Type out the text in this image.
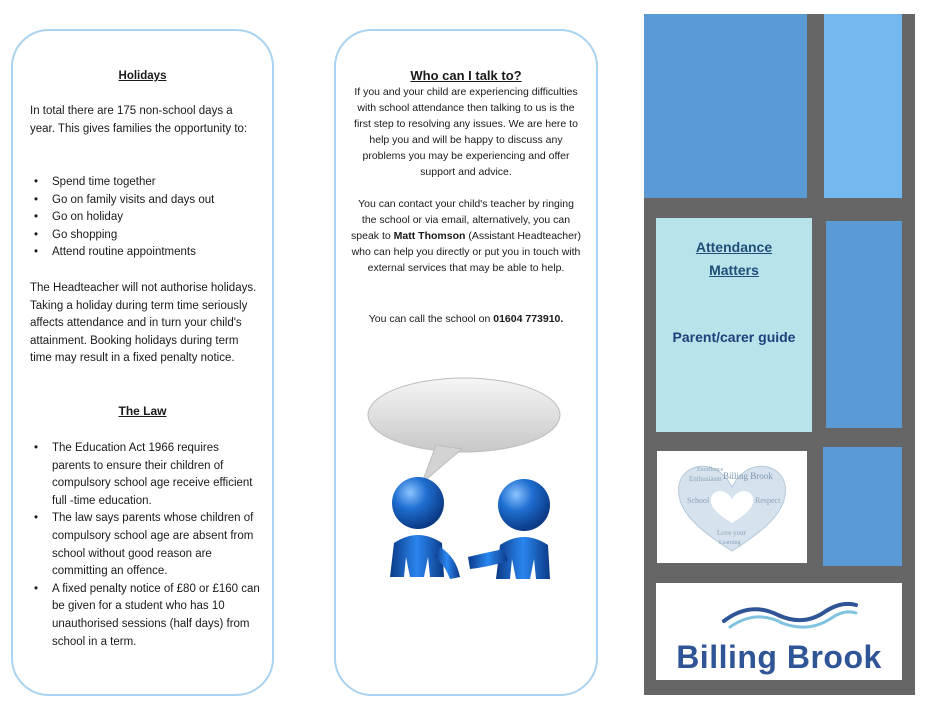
Holidays
In total there are 175 non-school days a year. This gives families the opportunity to:
• Spend time together
• Go on family visits and days out
• Go on holiday
• Go shopping
• Attend routine appointments
The Headteacher will not authorise holidays. Taking a holiday during term time seriously affects attendance and in turn your child's attainment. Booking holidays during term time may result in a fixed penalty notice.
The Law
• The Education Act 1966 requires parents to ensure their children of compulsory school age receive efficient full -time education.
• The law says parents whose children of compulsory school age are absent from school without good reason are committing an offence.
• A fixed penalty notice of £80 or £160 can be given for a student who has 10 unauthorised sessions (half days) from school in a term.
Who can I talk to?
If you and your child are experiencing difficulties with school attendance then talking to us is the first step to resolving any issues. We are here to help you and will be happy to discuss any problems you may be experiencing and offer support and advice.
You can contact your child's teacher by ringing the school or via email, alternatively, you can speak to Matt Thomson (Assistant Headteacher) who can help you directly or put you in touch with external services that may be able to help.
You can call the school on 01604 773910.
Attendance
Matters
Parent/carer guide
Excellence
Enthusiasm Billing Brook
Respect
School
Love your
Learning
Billing Brook
